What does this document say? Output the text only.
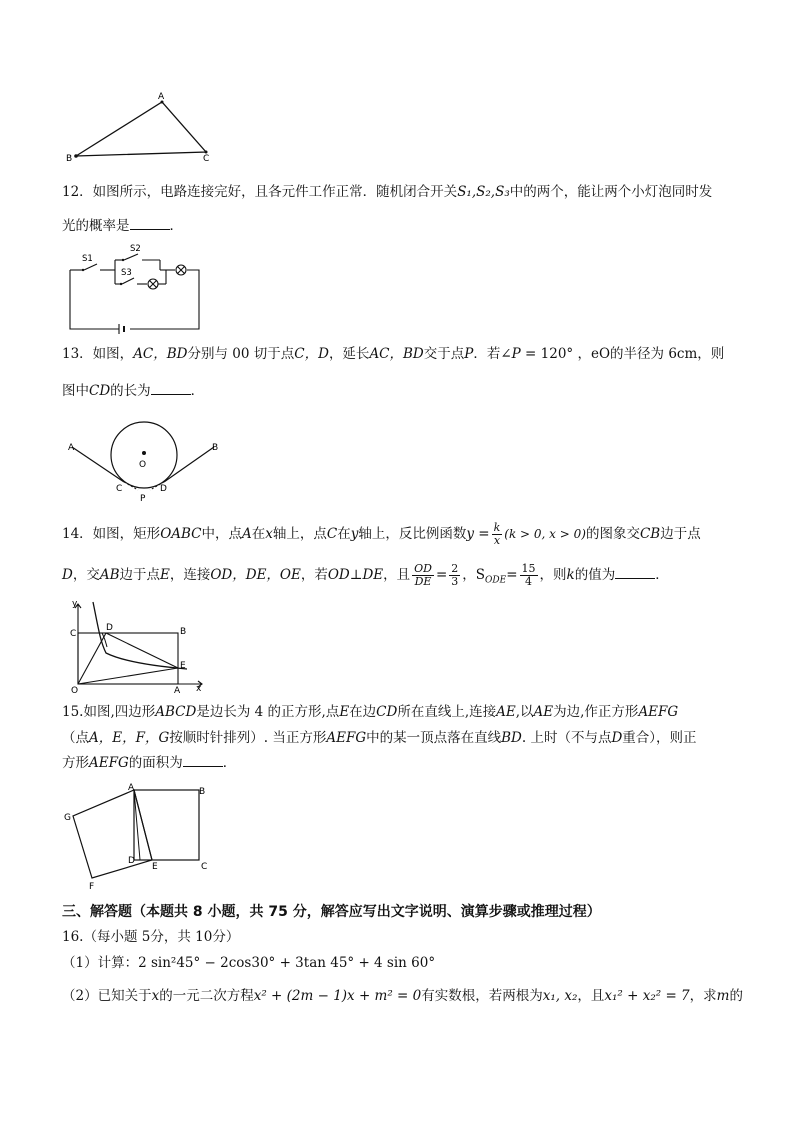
A
B	C
12．如图所示，电路连接完好，且各元件工作正常．随机闭合开关S₁,S₂,S₃中的两个，能让两个小灯泡同时发
光的概率是	．
S1
S2
S3
13．如图，AC，BD分别与 00 切于点C，D，延长AC，BD交于点P．若∠P = 120° ，eO的半径为 6cm，则
图中CD的长为	．
A	B
O
C	D
P
14．如图，矩形OABC中，点A在x轴上，点C在y轴上，反比例函数$y = \frac{k}{x} (k > 0$, x > 0)的图象交CB边于点
D，交AB边于点E，连接OD，DE，OE，若OD⊥DE，且 $\frac{OD}{DE} = \frac{2}{3}$ ，$S_{ODE}= \frac{15}{4}$ ，则k的值为	．
y
x
C
D	B
E
O	A
15.如图,四边形ABCD是边长为 4 的正方形,点E在边CD所在直线上,连接AE,以AE为边,作正方形AEFG
（点A，E，F，G按顺时针排列）. 当正方形AEFG中的某一顶点落在直线BD. 上时（不与点D重合），则正
方形AEFG的面积为	．
A	B
G
D
E	C
F
三、解答题（本题共 8 小题，共 75 分，解答应写出文字说明、演算步骤或推理过程）
16.（每小题 5分，共 10分）
（1）计算：2 sin²45° − 2cos30° + 3tan 45° + 4 sin 60°
（2）已知关于x的一元二次方程x² + (2m − 1)x + m² = 0有实数根，若两根为x₁, x₂，且x₁² + x₂² = 7，求m的
